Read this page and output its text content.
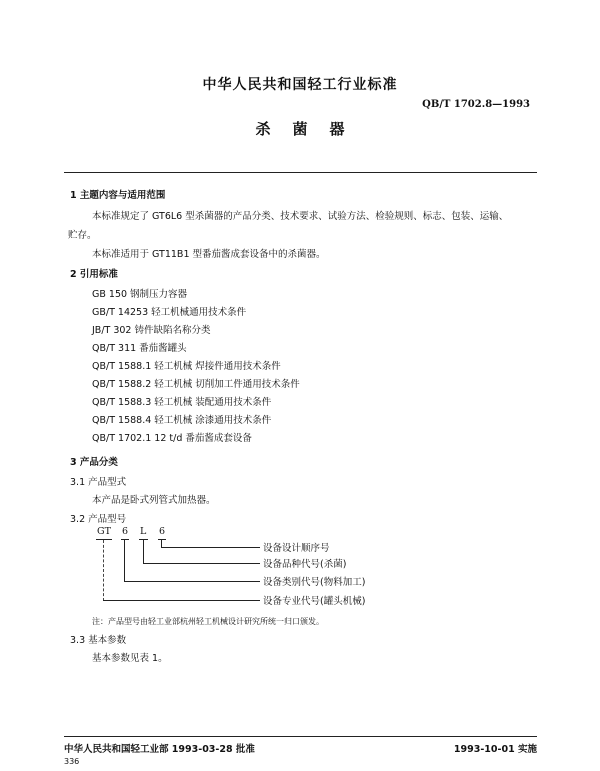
中华人民共和国轻工行业标准
QB/T 1702.8—1993
杀菌器
1 主题内容与适用范围
本标准规定了 GT6L6 型杀菌器的产品分类、技术要求、试验方法、检验规则、标志、包装、运输、
贮存。
本标准适用于 GT11B1 型番茄酱成套设备中的杀菌器。
2 引用标准
GB 150 钢制压力容器
GB/T 14253 轻工机械通用技术条件
JB/T 302 铸件缺陷名称分类
QB/T 311 番茄酱罐头
QB/T 1588.1 轻工机械 焊接件通用技术条件
QB/T 1588.2 轻工机械 切削加工件通用技术条件
QB/T 1588.3 轻工机械 装配通用技术条件
QB/T 1588.4 轻工机械 涂漆通用技术条件
QB/T 1702.1 12 t/d 番茄酱成套设备
3 产品分类
3.1 产品型式
本产品是卧式列管式加热器。
3.2 产品型号
GT 6 L 6
设备设计顺序号
设备品种代号(杀菌)
设备类别代号(物料加工)
设备专业代号(罐头机械)
注：产品型号由轻工业部杭州轻工机械设计研究所统一归口颁发。
3.3 基本参数
基本参数见表 1。
中华人民共和国轻工业部 1993-03-28 批准	1993-10-01 实施
336
